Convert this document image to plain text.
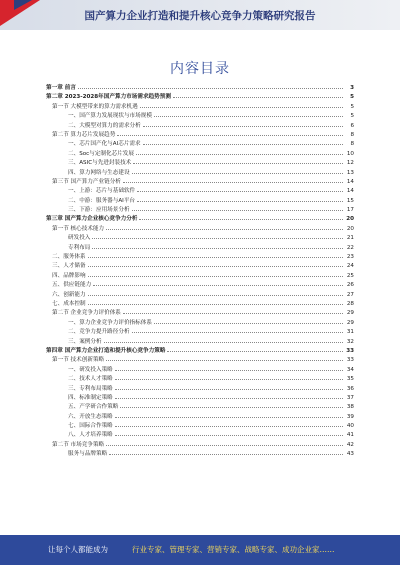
国产算力企业打造和提升核心竞争力策略研究报告
内容目录
第一章 前言	3
第二章 2023-2028年国产算力市场需求趋势预测	5
第一节 大模型带来的算力需求机遇	5
一、国产算力发展现状与市场规模	5
二、大模型对算力的需求分析	6
第二节 算力芯片发展趋势	8
一、芯片国产化与AI芯片需求	8
二、Soc与定制化芯片发展	10
三、ASIC与先进封装技术	12
四、算力网络与生态建设	13
第三节 国产算力产业链分析	14
一、上游：芯片与基础软件	14
二、中游：服务器与AI平台	15
三、下游：应用场景分析	17
第三章 国产算力企业核心竞争力分析	20
第一节 核心技术能力	20
研发投入	21
专利布局	22
二、服务体系	23
三、人才储备	24
四、品牌影响	25
五、供应链能力	26
六、创新能力	27
七、成本控制	28
第二节 企业竞争力评价体系	29
一、算力企业竞争力评价指标体系	29
二、竞争力提升路径分析	31
三、案例分析	32
第四章 国产算力企业打造和提升核心竞争力策略	33
第一节 技术创新策略	33
一、研发投入策略	34
二、技术人才策略	35
三、专利布局策略	36
四、标准制定策略	37
五、产学研合作策略	38
六、开放生态策略	39
七、国际合作策略	40
八、人才培养策略	41
第二节 市场竞争策略	42
服务与品牌策略	43
让每个人都能成为	行业专家、管理专家、营销专家、战略专家、成功企业家……
